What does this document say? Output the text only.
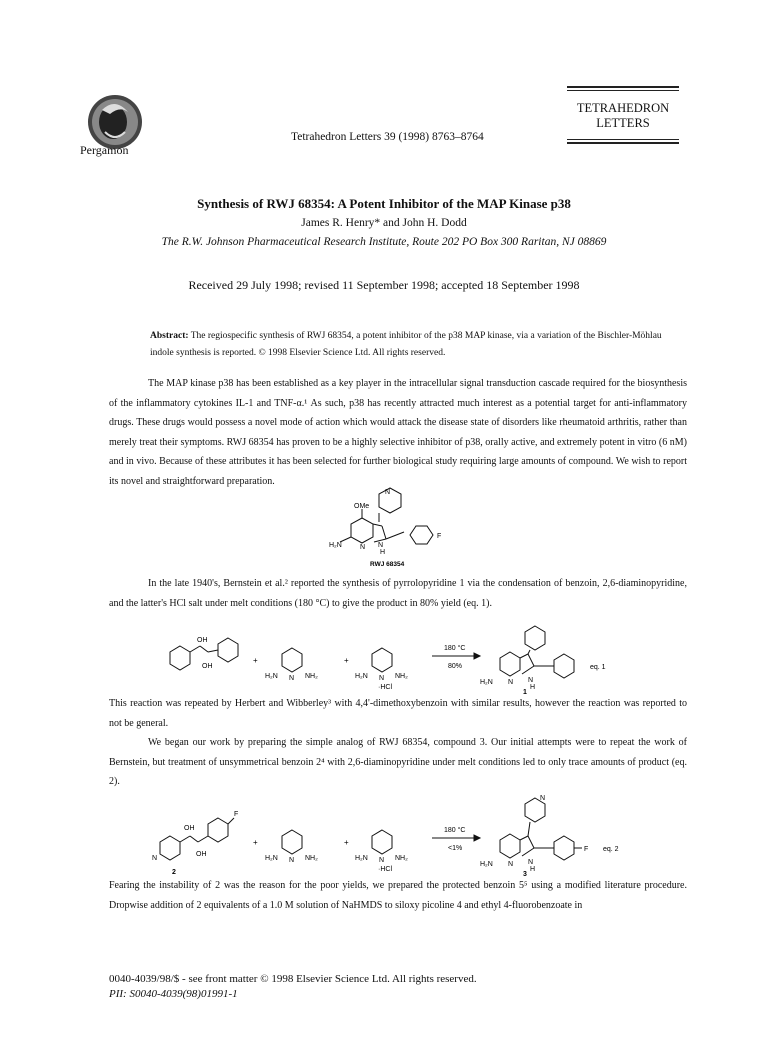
Pergamon
Tetrahedron Letters 39 (1998) 8763–8764
TETRAHEDRON
LETTERS
Synthesis of RWJ 68354: A Potent Inhibitor of the MAP Kinase p38
James R. Henry* and John H. Dodd
The R.W. Johnson Pharmaceutical Research Institute, Route 202 PO Box 300 Raritan, NJ 08869
Received 29 July 1998; revised 11 September 1998; accepted 18 September 1998
Abstract: The regiospecific synthesis of RWJ 68354, a potent inhibitor of the p38 MAP kinase, via a variation of the Bischler-Möhlau indole synthesis is reported. © 1998 Elsevier Science Ltd. All rights reserved.
The MAP kinase p38 has been established as a key player in the intracellular signal transduction cascade required for the biosynthesis of the inflammatory cytokines IL-1 and TNF-α.¹ As such, p38 has recently attracted much interest as a potential target for anti-inflammatory drugs. These drugs would possess a novel mode of action which would attack the disease state of disorders like rheumatoid arthritis, rather than merely treat their symptoms. RWJ 68354 has proven to be a highly selective inhibitor of p38, orally active, and extremely potent in vitro (6 nM) and in vivo. Because of these attributes it has been selected for further biological study requiring large amounts of compound. We wish to report its novel and straightforward preparation.
N
OMe
F
H₂N	N N
H
RWJ 68354
In the late 1940's, Bernstein et al.² reported the synthesis of pyrrolopyridine 1 via the condensation of benzoin, 2,6-diaminopyridine, and the latter's HCl salt under melt conditions (180 °C) to give the product in 80% yield (eq. 1).
OH
OH
+
H₂N N NH₂
+
H₂N N NH₂
·HCl
180 °C
80%
H₂N N N
H
eq. 1
1
This reaction was repeated by Herbert and Wibberley³ with 4,4'-dimethoxybenzoin with similar results, however the reaction was reported to not be general.
We began our work by preparing the simple analog of RWJ 68354, compound 3. Our initial attempts were to repeat the work of Bernstein, but treatment of unsymmetrical benzoin 2⁴ with 2,6-diaminopyridine under melt conditions led to only trace amounts of product (eq. 2).
F
OH
OH
N
2
+
H₂N N NH₂
+
H₂N N NH₂
·HCl
180 °C
<1%
N
H₂N N N
H
F eq. 2
3
Fearing the instability of 2 was the reason for the poor yields, we prepared the protected benzoin 5⁵ using a modified literature procedure. Dropwise addition of 2 equivalents of a 1.0 M solution of NaHMDS to siloxy picoline 4 and ethyl 4-fluorobenzoate in
0040-4039/98/$ - see front matter © 1998 Elsevier Science Ltd. All rights reserved.
PII: S0040-4039(98)01991-1
